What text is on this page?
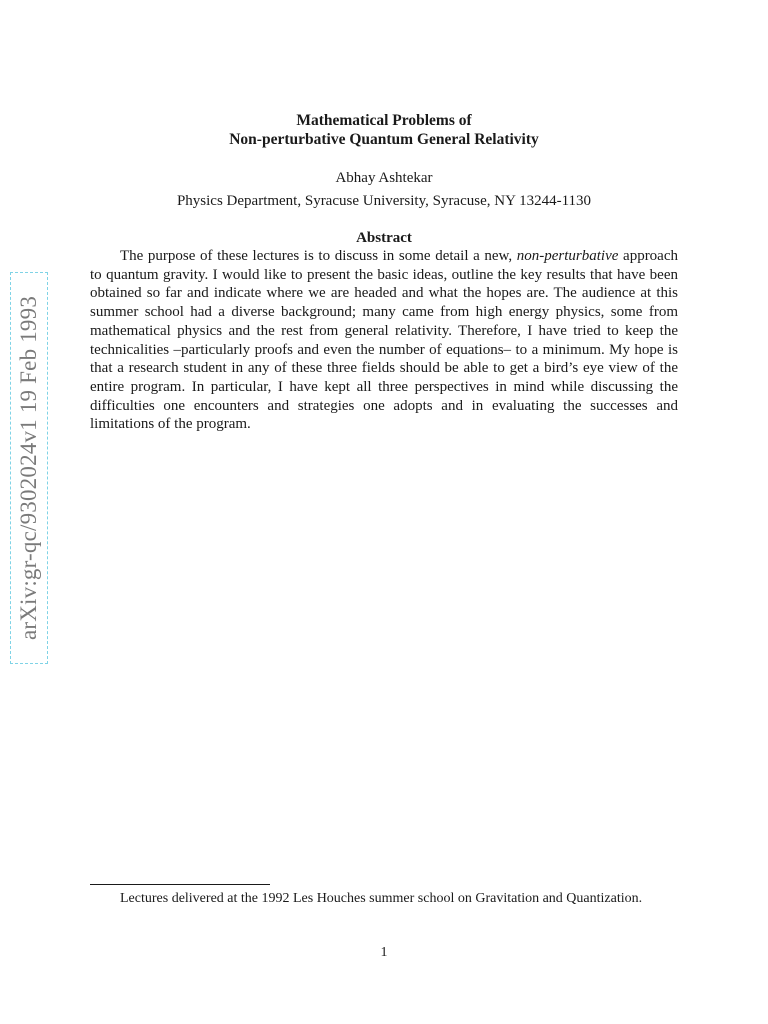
arXiv:gr-qc/9302024v1 19 Feb 1993
Mathematical Problems of
Non-perturbative Quantum General Relativity
Abhay Ashtekar
Physics Department, Syracuse University, Syracuse, NY 13244-1130
Abstract

The purpose of these lectures is to discuss in some detail a new, non-perturbative approach to quantum gravity. I would like to present the basic ideas, outline the key results that have been obtained so far and indicate where we are headed and what the hopes are. The audience at this summer school had a diverse background; many came from high energy physics, some from mathematical physics and the rest from general relativity. Therefore, I have tried to keep the technicalities –particularly proofs and even the number of equations– to a minimum. My hope is that a research student in any of these three fields should be able to get a bird’s eye view of the entire program. In particular, I have kept all three perspectives in mind while discussing the difficulties one encounters and strategies one adopts and in evaluating the successes and limitations of the program.

Lectures delivered at the 1992 Les Houches summer school on Gravitation and Quantization.

1
